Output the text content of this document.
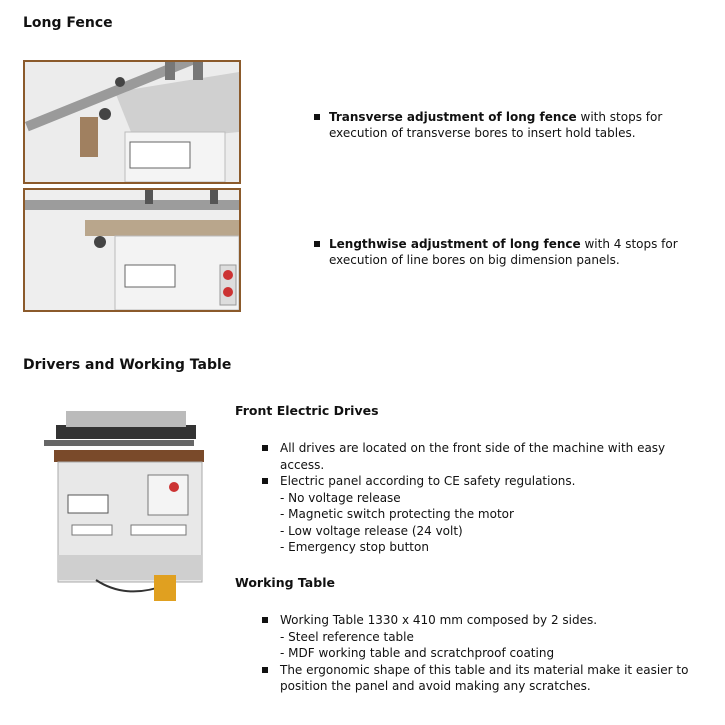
Long Fence
Transverse adjustment of long fence with stops for
execution of transverse bores to insert hold tables.
Lengthwise adjustment of long fence with 4 stops for
execution of line bores on big dimension panels.
Drivers and Working Table
Front Electric Drives
All drives are located on the front side of the machine with easy
access.
Electric panel according to CE safety regulations.
- No voltage release
- Magnetic switch protecting the motor
- Low voltage release (24 volt)
- Emergency stop button
Working Table
Working Table 1330 x 410 mm composed by 2 sides.
- Steel reference table
- MDF working table and scratchproof coating
The ergonomic shape of this table and its material make it easier to
position the panel and avoid making any scratches.
